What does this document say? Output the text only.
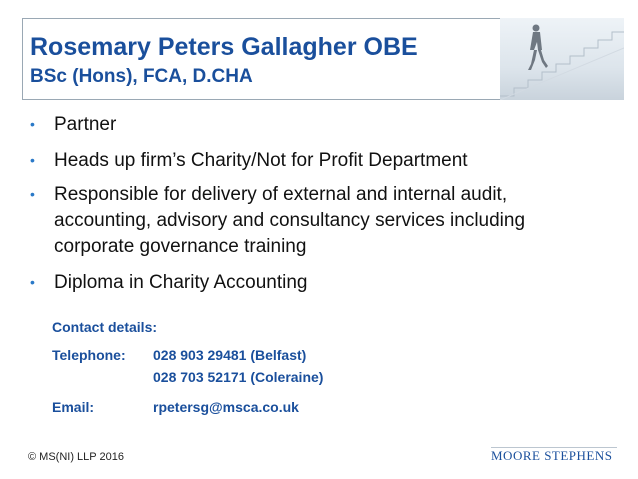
Rosemary Peters Gallagher OBE
BSc (Hons), FCA, D.CHA
• Partner
• Heads up firm’s Charity/Not for Profit Department
• Responsible for delivery of external and internal audit,
accounting, advisory and consultancy services including
corporate governance training
• Diploma in Charity Accounting
Contact details:
Telephone: 028 903 29481 (Belfast)
028 703 52171 (Coleraine)
Email:	rpetersg@msca.co.uk
© MS(NI) LLP 2016	MOORE STEPHENS
